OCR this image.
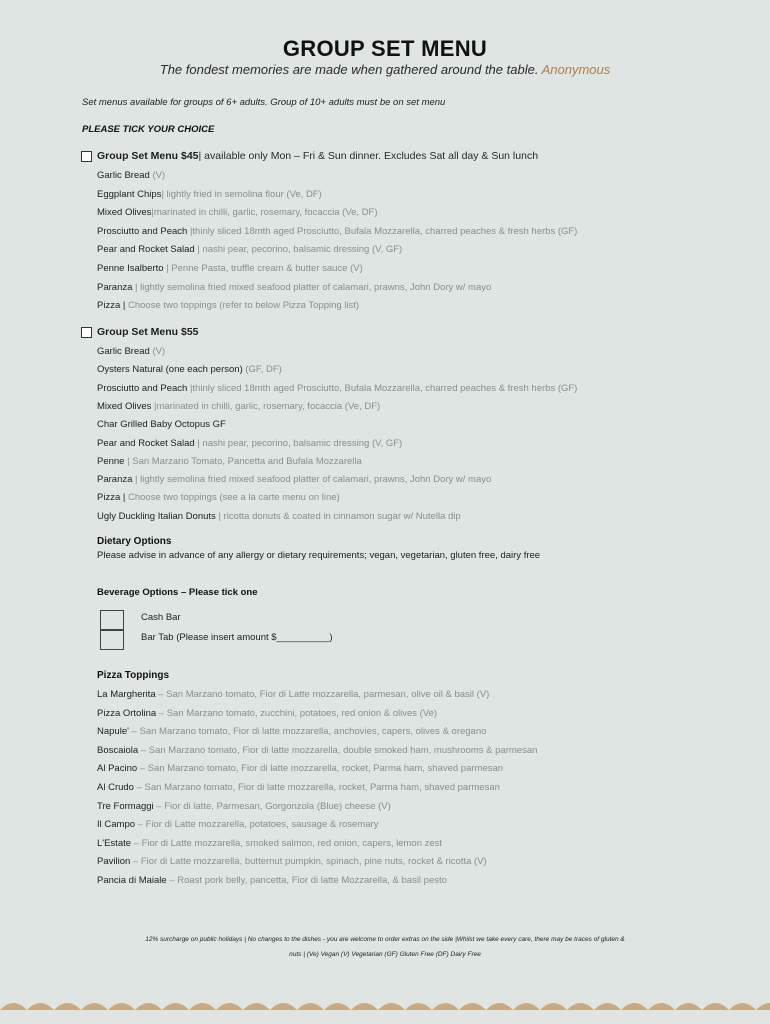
GROUP SET MENU
The fondest memories are made when gathered around the table. Anonymous
Set menus available for groups of 6+ adults. Group of 10+ adults must be on set menu
PLEASE TICK YOUR CHOICE
Group Set Menu $45 | available only Mon – Fri & Sun dinner. Excludes Sat all day & Sun lunch
Garlic Bread (V)
Eggplant Chips| lightly fried in semolina flour (Ve, DF)
Mixed Olives|marinated in chilli, garlic, rosemary, focaccia (Ve, DF)
Prosciutto and Peach |thinly sliced 18mth aged Prosciutto, Bufala Mozzarella, charred peaches & fresh herbs (GF)
Pear and Rocket Salad | nashi pear, pecorino, balsamic dressing (V, GF)
Penne Isalberto | Penne Pasta, truffle cream & butter sauce (V)
Paranza | lightly semolina fried mixed seafood platter of calamari, prawns, John Dory w/ mayo
Pizza | Choose two toppings (refer to below Pizza Topping list)
Group Set Menu $55
Garlic Bread (V)
Oysters Natural (one each person) (GF, DF)
Prosciutto and Peach |thinly sliced 18mth aged Prosciutto, Bufala Mozzarella, charred peaches & fresh herbs (GF)
Mixed Olives |marinated in chilli, garlic, rosemary, focaccia (Ve, DF)
Char Grilled Baby Octopus GF
Pear and Rocket Salad | nashi pear, pecorino, balsamic dressing (V, GF)
Penne | San Marzano Tomato, Pancetta and Bufala Mozzarella
Paranza | lightly semolina fried mixed seafood platter of calamari, prawns, John Dory w/ mayo
Pizza | Choose two toppings (see a la carte menu on line)
Ugly Duckling Italian Donuts | ricotta donuts & coated in cinnamon sugar w/ Nutella dip
Dietary Options
Please advise in advance of any allergy or dietary requirements; vegan, vegetarian, gluten free, dairy free
Beverage Options – Please tick one
Cash Bar
Bar Tab (Please insert amount $__________)
Pizza Toppings
La Margherita – San Marzano tomato, Fior di Latte mozzarella, parmesan, olive oil & basil (V)
Pizza Ortolina – San Marzano tomato, zucchini, potatoes, red onion & olives (Ve)
Napule' – San Marzano tomato, Fior di latte mozzarella, anchovies, capers, olives & oregano
Boscaiola – San Marzano tomato, Fior di latte mozzarella, double smoked ham, mushrooms & parmesan
Al Pacino – San Marzano tomato, Fior di latte mozzarella, rocket, Parma ham, shaved parmesan
Al Crudo – San Marzano tomato, Fior di latte mozzarella, rocket, Parma ham, shaved parmesan
Tre Formaggi – Fior di latte, Parmesan, Gorgonzola (Blue) cheese (V)
Il Campo – Fior di Latte mozzarella, potatoes, sausage & rosemary
L'Estate – Fior di Latte mozzarella, smoked salmon, red onion, capers, lemon zest
Pavilion – Fior di Latte mozzarella, butternut pumpkin, spinach, pine nuts, rocket & ricotta (V)
Pancia di Maiale – Roast pork belly, pancetta, Fior di latte Mozzarella, & basil pesto
12% surcharge on public holidays | No changes to the dishes - you are welcome to order extras on the side |Whilst we take every care, there may be traces of gluten &
nuts | (Ve) Vegan (V) Vegetarian (GF) Gluten Free (DF) Dairy Free
